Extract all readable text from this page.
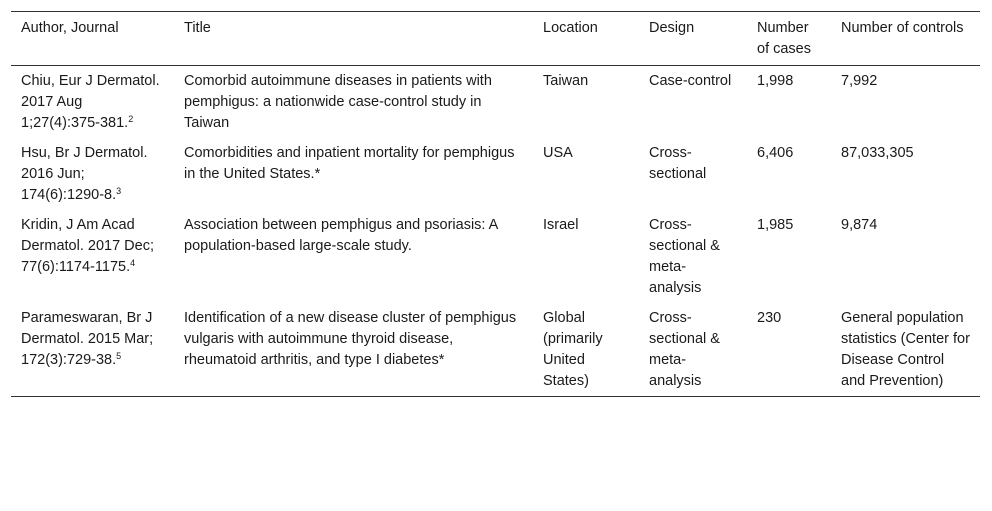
Author, Journal	Title	Location	Design	Number of cases	Number of controls
Chiu, Eur J Dermatol. 2017 Aug 1;27(4):375-381.$^2$	Comorbid autoimmune diseases in patients with pemphigus: a nationwide case-control study in Taiwan	Taiwan	Case-control	1,998	7,992
Hsu, Br J Dermatol. 2016 Jun; 174(6):1290-8.$^3$	Comorbidities and inpatient mortality for pemphigus in the United States.*	USA	Cross-sectional	6,406	87,033,305
Kridin, J Am Acad Dermatol. 2017 Dec; 77(6):1174-1175.$^4$	Association between pemphigus and psoriasis: A population-based large-scale study.	Israel	Cross-sectional & meta-analysis	1,985	9,874
Parameswaran, Br J Dermatol. 2015 Mar; 172(3):729-38.$^5$	Identification of a new disease cluster of pemphigus vulgaris with autoimmune thyroid disease, rheumatoid arthritis, and type I diabetes*	Global (primarily United States)	Cross-sectional & meta-analysis	230	General population statistics (Center for Disease Control and Prevention)
